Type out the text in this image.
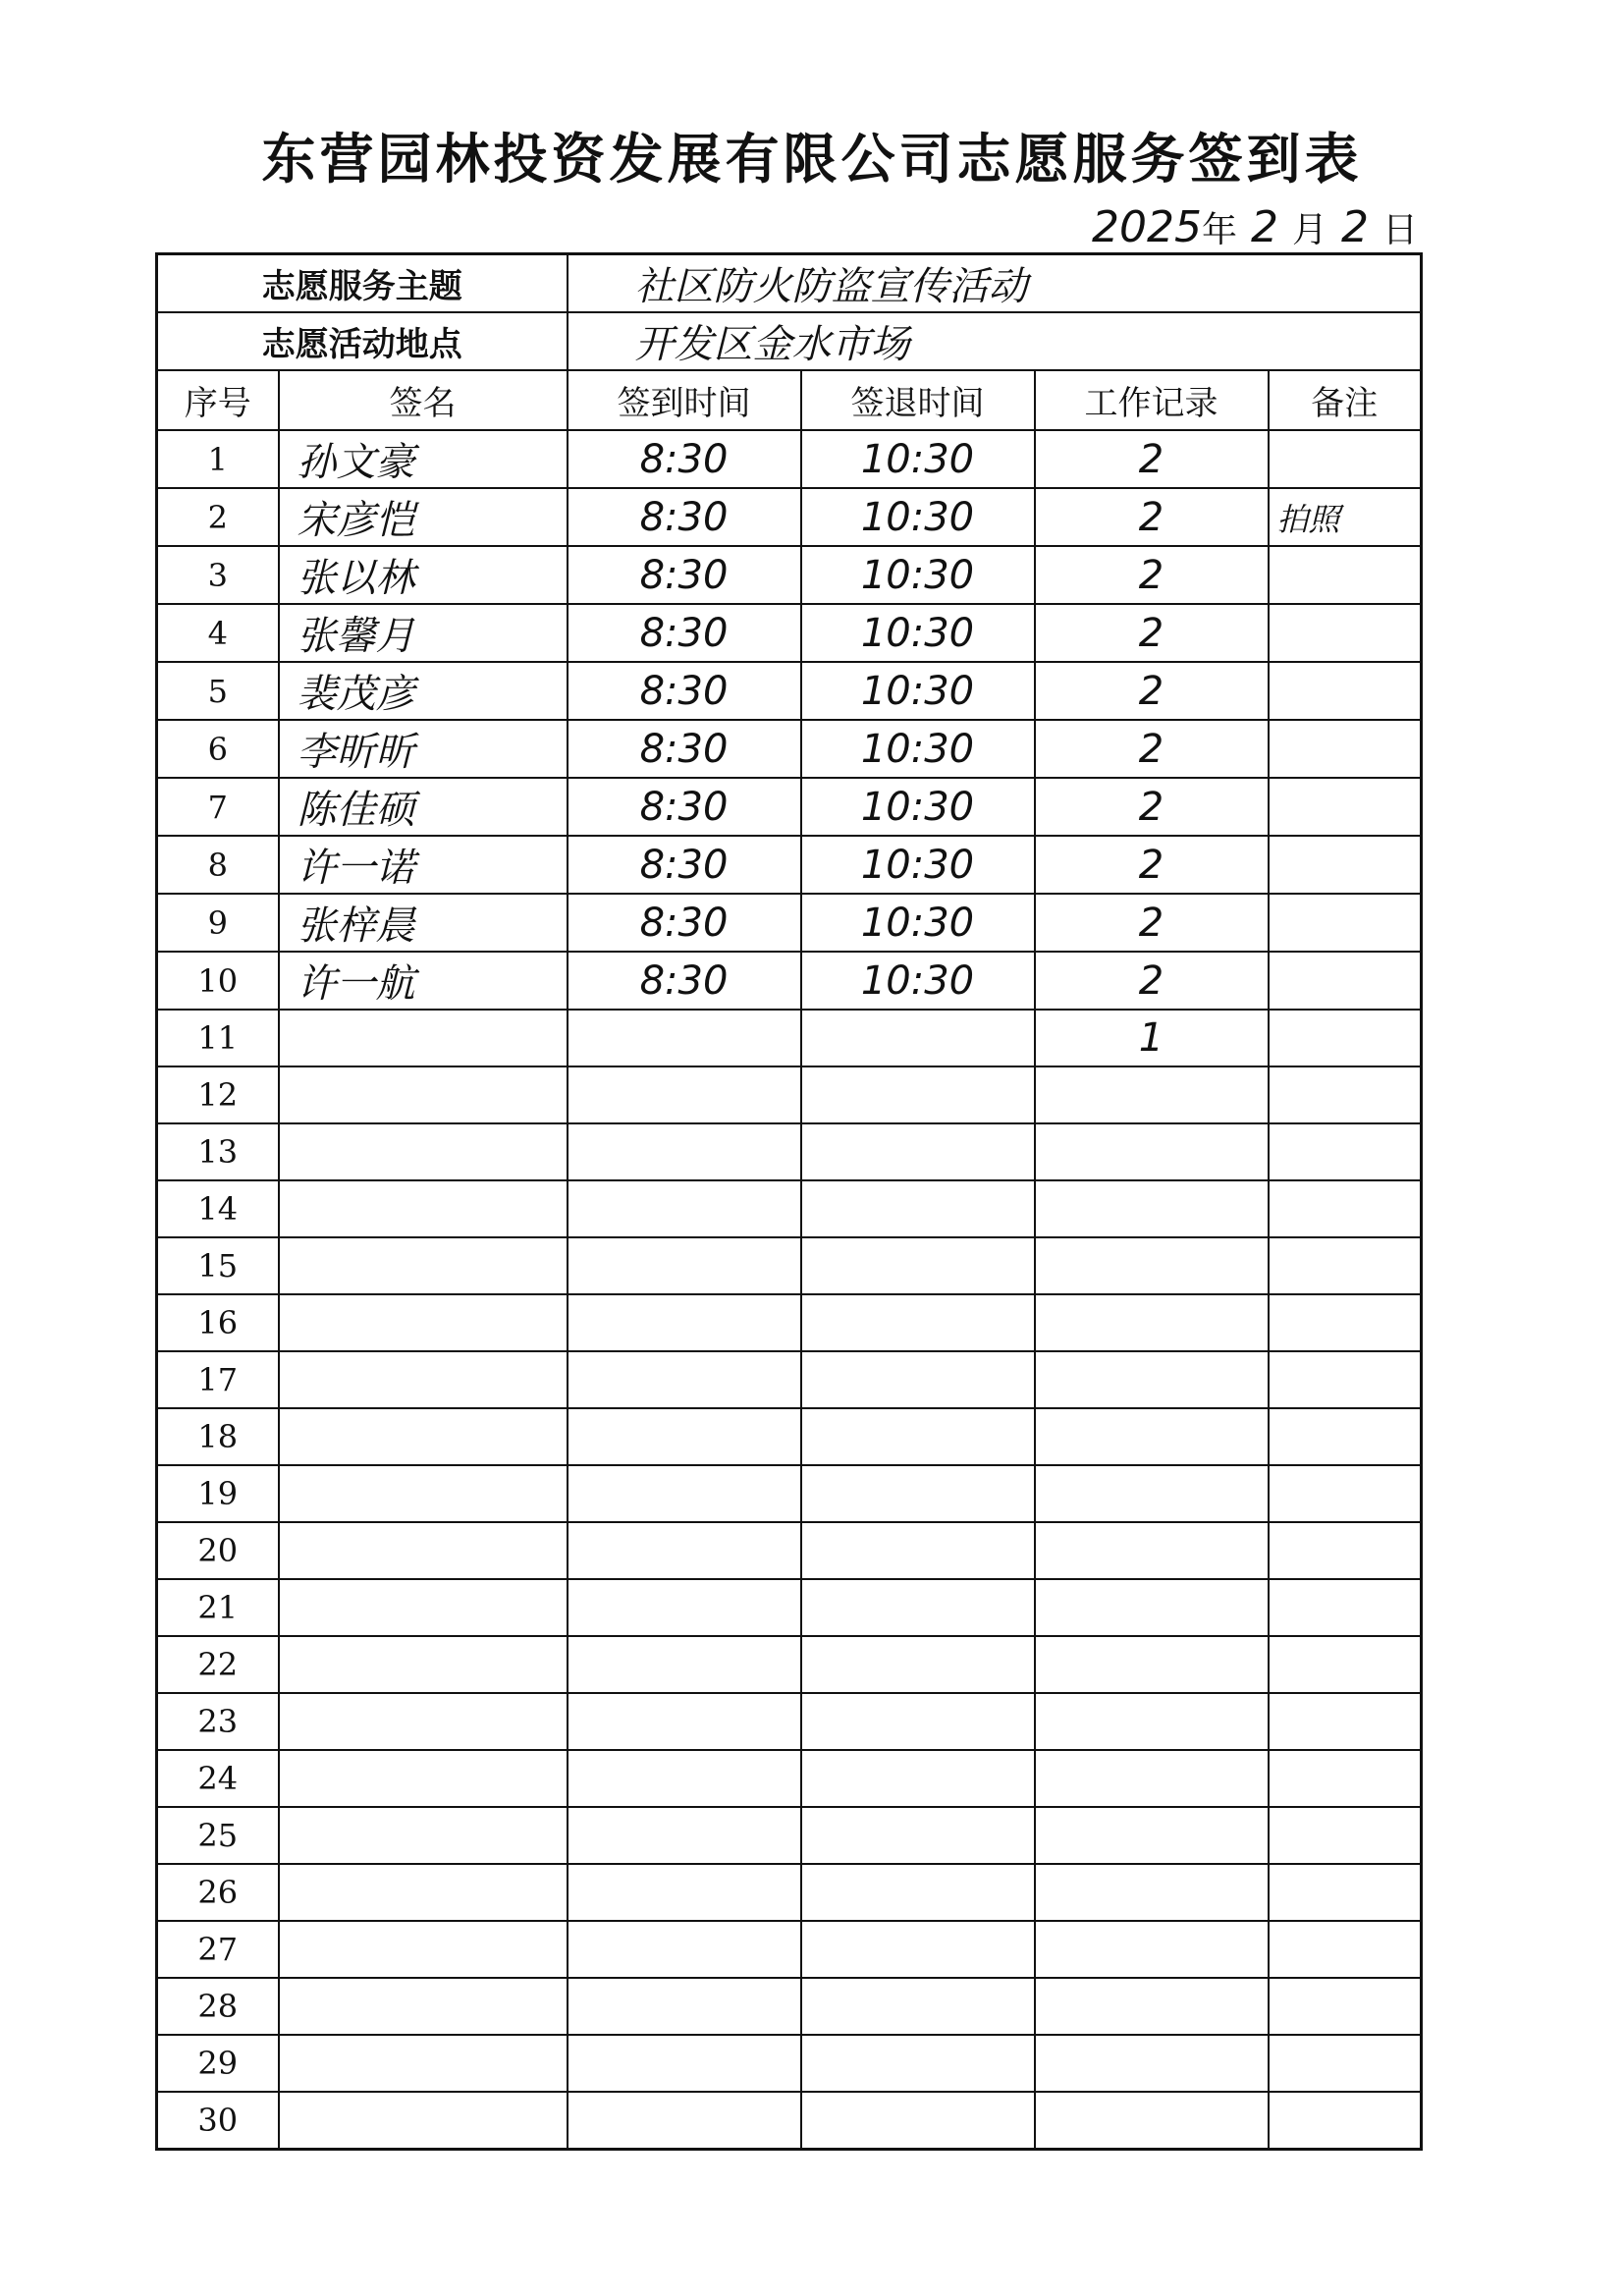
东营园林投资发展有限公司志愿服务签到表
2025年 2 月 2 日
志愿服务主题		社区防火防盗宣传活动			
志愿活动地点		开发区金水市场			
序号	签名	签到时间	签退时间	工作记录	备注
1	孙文豪	8:30	10:30	2	
2	宋彦恺	8:30	10:30	2	拍照
3	张以林	8:30	10:30	2	
4	张馨月	8:30	10:30	2	
5	裴茂彦	8:30	10:30	2	
6	李昕昕	8:30	10:30	2	
7	陈佳硕	8:30	10:30	2	
8	许一诺	8:30	10:30	2	
9	张梓晨	8:30	10:30	2	
10	许一航	8:30	10:30	2	
11				1	
12					
13					
14					
15					
16					
17					
18					
19					
20					
21					
22					
23					
24					
25					
26					
27					
28					
29					
30					
